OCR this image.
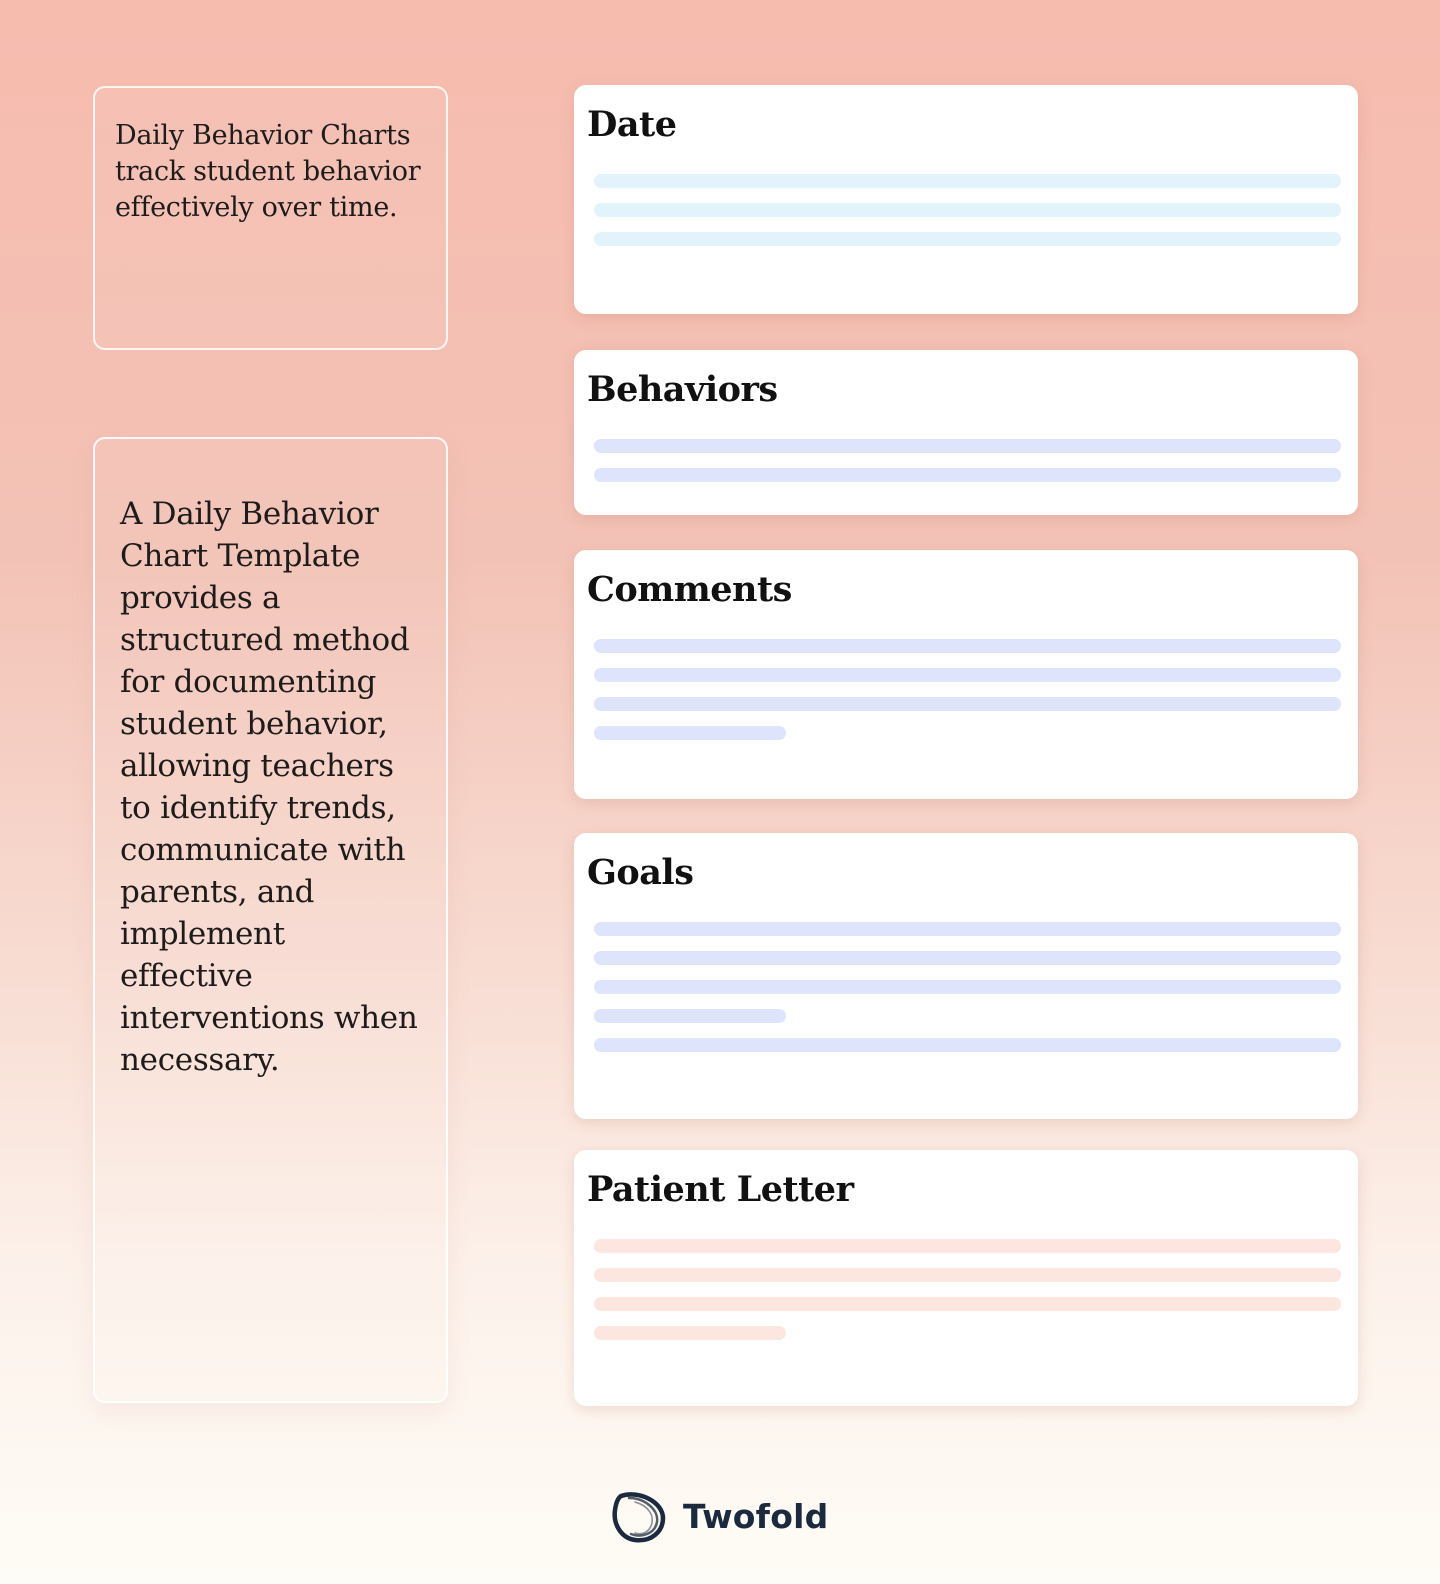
Daily Behavior Charts track student behavior effectively over time.

A Daily Behavior Chart Template provides a structured method for documenting student behavior, allowing teachers to identify trends, communicate with parents, and implement effective interventions when necessary.

Date
Behaviors
Comments
Goals
Patient Letter
Twofold
